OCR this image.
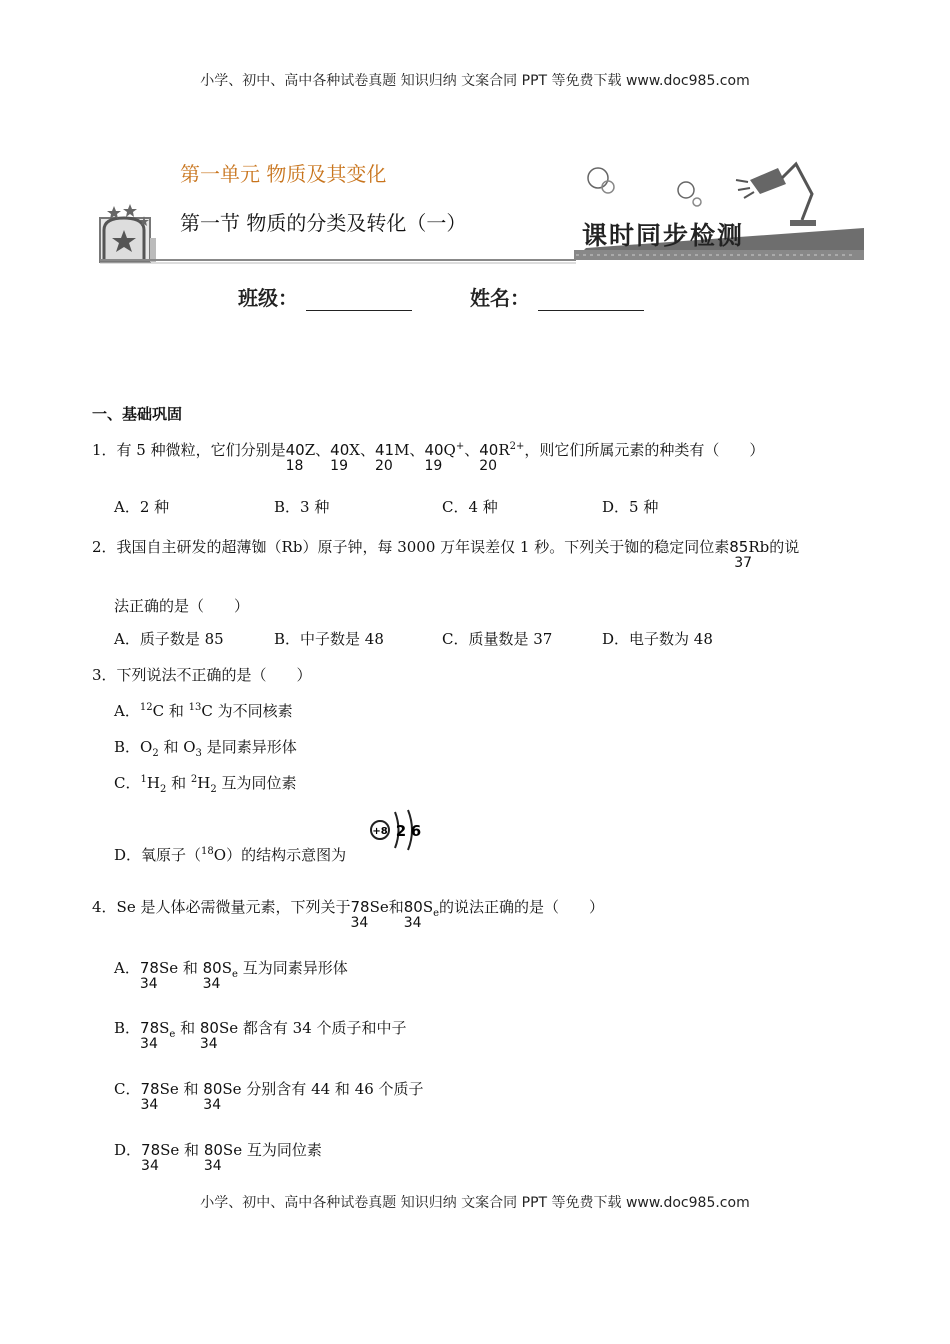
小学、初中、高中各种试卷真题 知识归纳 文案合同 PPT 等免费下载 www.doc985.com
第一单元 物质及其变化
第一节 物质的分类及转化（一）	课时同步检测
班级：	姓名：
一、基础巩固
1．有 5 种微粒，它们分别是40Z
18
、40X
19
、41M
20
、40Q+
19
、$40R^{2+}$
20
，则它们所属元素的种类有（　　）
A．2 种	B．3 种	C．4 种	D．5 种
2．我国自主研发的超薄铷（Rb）原子钟，每 3000 万年误差仅 1 秒。下列关于铷的稳定同位素85Rb
37
的说
法正确的是（　　）
A．质子数是 85	B．中子数是 48	C．质量数是 37	D．电子数为 48
3．下列说法不正确的是（　　）
A．$^{12}$C 和 $^{13}$C 为不同核素
B．$O_2$ 和 $O_3$ 是同素异形体
C．$^1H_2$ 和 $^2H_2$ 互为同位素
D．氧原子（$^{18}$O）的结构示意图为
+8 2 6
4．Se 是人体必需微量元素，下列关于78Se
34
和$80S_e$
34
的说法正确的是（　　）
A．78Se
34
和 $80S_e$
34
互为同素异形体
B．$78S_e$
34
和 80Se
34
都含有 34 个质子和中子
C．78Se
34
和 80Se
34
分别含有 44 和 46 个质子
D．78Se
34
和 80Se
34
互为同位素
小学、初中、高中各种试卷真题 知识归纳 文案合同 PPT 等免费下载 www.doc985.com
